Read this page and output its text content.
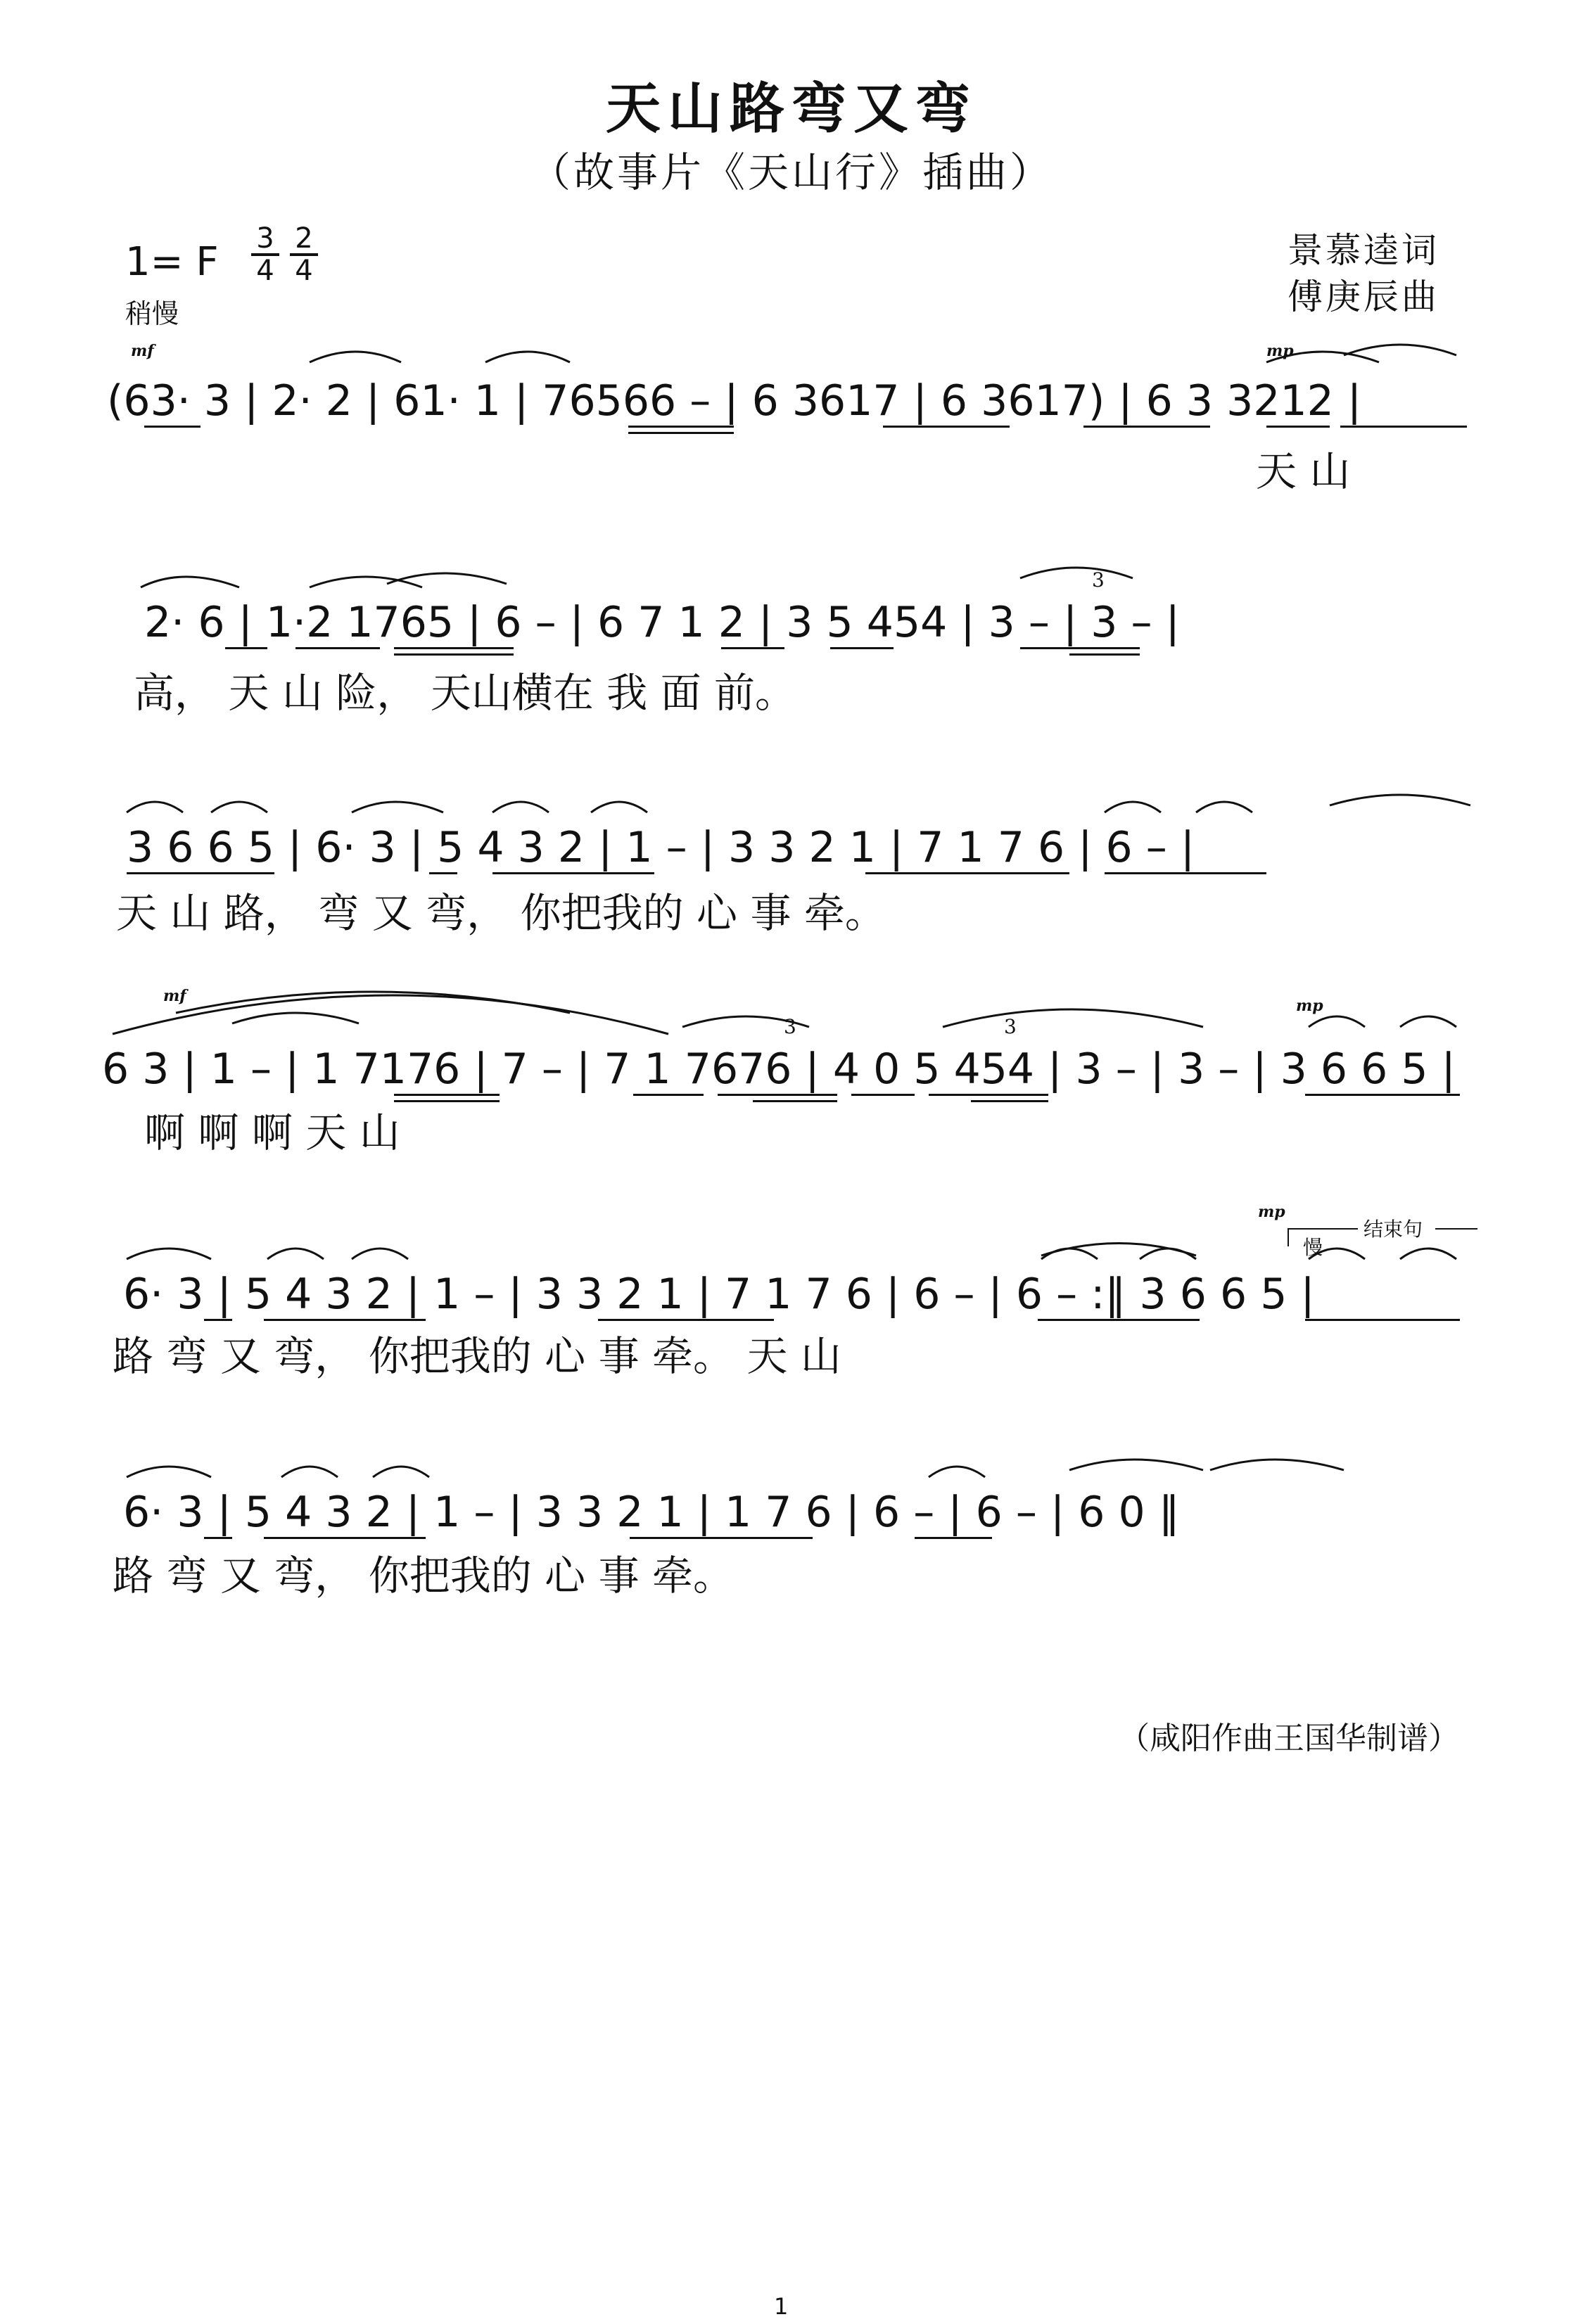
天山路弯又弯
（故事片《天山行》插曲）
1= F
3
4
2
4
稍慢
景慕逵词
傅庚辰曲
mf	mp
mf
mp
mp
慢
结束句
3
3	3
(63· 3 | 2· 2 | 61· 1 | 76566 – | 6 3617 | 6 3617) | 6 3 3212 |
天 山
2· 6 | 1·2 1765 | 6 – | 6 7 1 2 | 3 5 454 | 3 – | 3 – |
高， 天 山 险， 天山横在 我 面 前。
3 6 6 5 | 6· 3 | 5 4 3 2 | 1 – | 3 3 2 1 | 7 1 7 6 | 6 – |
天 山 路， 弯 又 弯， 你把我的 心 事 牵。
6 3 | 1 – | 1 7176 | 7 – | 7 1 7676 | 4 0 5 454 | 3 – | 3 – | 3 6 6 5 |
啊 啊 啊 天 山
6· 3 | 5 4 3 2 | 1 – | 3 3 2 1 | 7 1 7 6 | 6 – | 6 – :‖ 3 6 6 5 |
路 弯 又 弯， 你把我的 心 事 牵。 天 山
6· 3 | 5 4 3 2 | 1 – | 3 3 2 1 | 1 7 6 | 6 – | 6 – | 6 0 ‖
路 弯 又 弯， 你把我的 心 事 牵。
（咸阳作曲王国华制谱）
1
